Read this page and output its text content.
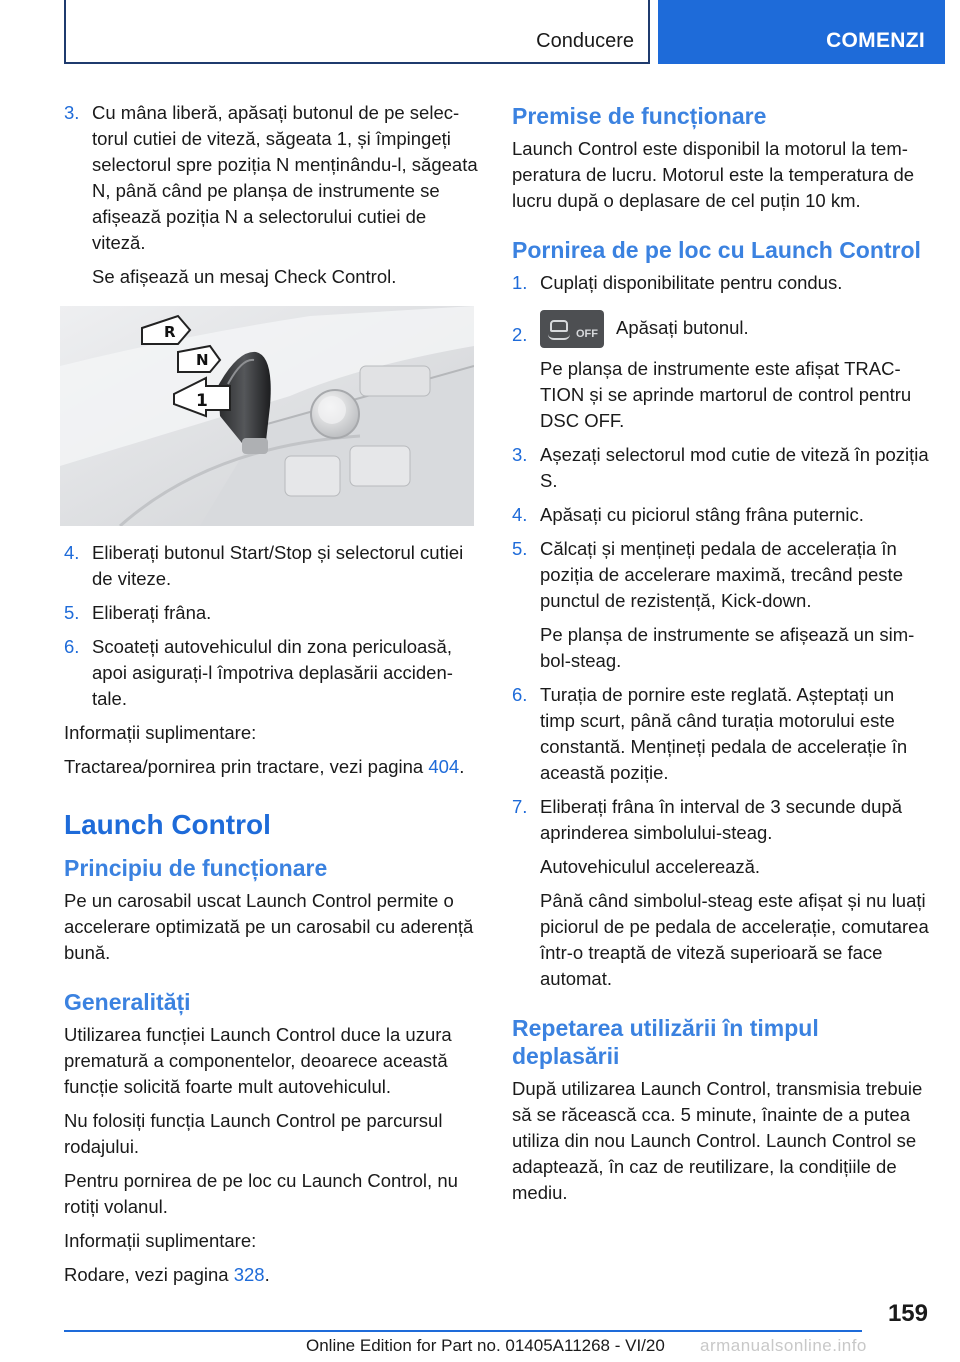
Conducere	COMENZI
3. Cu mâna liberă, apăsați butonul de pe selectorul cutiei de viteză, săgeata 1, și împingeți selectorul spre poziția N menținându-l, săgeata N, până când pe planșa de instrumente se afișează poziția N a selectorului cutiei de viteză.

Se afișează un mesaj Check Control.

R
N
1
4. Eliberați butonul Start/Stop și selectorul cutiei de viteze.

5. Eliberați frâna.

6. Scoateți autovehiculul din zona periculoasă, apoi asigurați-l împotriva deplasării accidentale.

Informații suplimentare:

Tractarea/pornirea prin tractare, vezi pagina 404.

Launch Control
Principiu de funcționare

Pe un carosabil uscat Launch Control permite o accelerare optimizată pe un carosabil cu aderență bună.

Generalități

Utilizarea funcției Launch Control duce la uzura prematură a componentelor, deoarece această funcție solicită foarte mult autovehiculul.

Nu folosiți funcția Launch Control pe parcursul rodajului.

Pentru pornirea de pe loc cu Launch Control, nu rotiți volanul.

Informații suplimentare:

Rodare, vezi pagina 328.

Premise de funcționare

Launch Control este disponibil la motorul la temperatura de lucru. Motorul este la temperatura de lucru după o deplasare de cel puțin 10 km.

Pornirea de pe loc cu Launch Control
1. Cuplați disponibilitate pentru condus.

2.	OFF Apăsați butonul.

Pe planșa de instrumente este afișat TRACTION și se aprinde martorul de control pentru DSC OFF.

3. Așezați selectorul mod cutie de viteză în poziția S.

4. Apăsați cu piciorul stâng frâna puternic.

5. Călcați și mențineți pedala de accelerația în poziția de accelerare maximă, trecând peste punctul de rezistență, Kick-down.

Pe planșa de instrumente se afișează un simbol-steag.

6. Turația de pornire este reglată. Așteptați un timp scurt, până când turația motorului este constantă. Mențineți pedala de accelerație în această poziție.

7. Eliberați frâna în interval de 3 secunde după aprinderea simbolului-steag.

Autovehiculul accelerează.

Până când simbolul-steag este afișat și nu luați piciorul de pe pedala de accelerație, comutarea într-o treaptă de viteză superioară se face automat.

Repetarea utilizării în timpul deplasării

După utilizarea Launch Control, transmisia trebuie să se răcească cca. 5 minute, înainte de a putea utiliza din nou Launch Control. Launch Control se adaptează, în caz de reutilizare, la condițiile de mediu.

159
Online Edition for Part no. 01405A11268 - VI/20 armanualsonline.info
